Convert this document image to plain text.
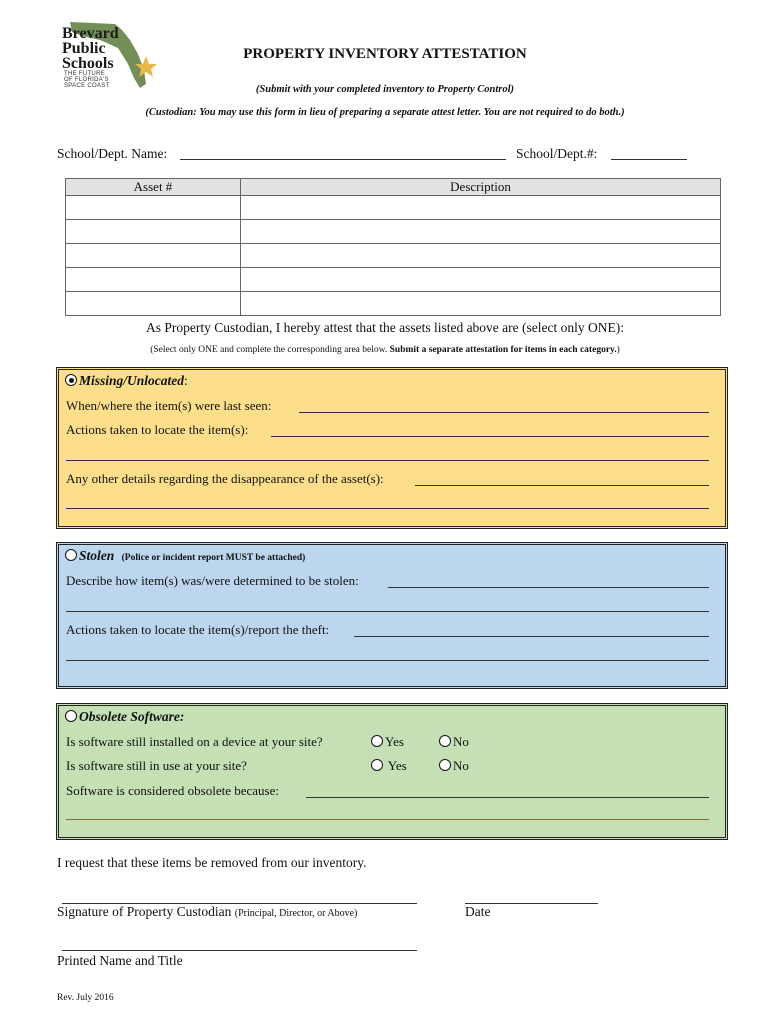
Brevard
Public
Schools
THE FUTURE
OF FLORIDA'S
SPACE COAST
PROPERTY INVENTORY ATTESTATION
(Submit with your completed inventory to Property Control)
(Custodian: You may use this form in lieu of preparing a separate attest letter. You are not required to do both.)
School/Dept. Name:	School/Dept.#:
Asset #	Description

As Property Custodian, I hereby attest that the assets listed above are (select only ONE):
(Select only ONE and complete the corresponding area below. Submit a separate attestation for items in each category.)
Missing/Unlocated:
When/where the item(s) were last seen:
Actions taken to locate the item(s):
Any other details regarding the disappearance of the asset(s):
Stolen (Police or incident report MUST be attached)
Describe how item(s) was/were determined to be stolen:
Actions taken to locate the item(s)/report the theft:
Obsolete Software:
Is software still installed on a device at your site?	Yes	No
Is software still in use at your site?	Yes	No
Software is considered obsolete because:
I request that these items be removed from our inventory.
Signature of Property Custodian (Principal, Director, or Above)	Date
Printed Name and Title
Rev. July 2016
